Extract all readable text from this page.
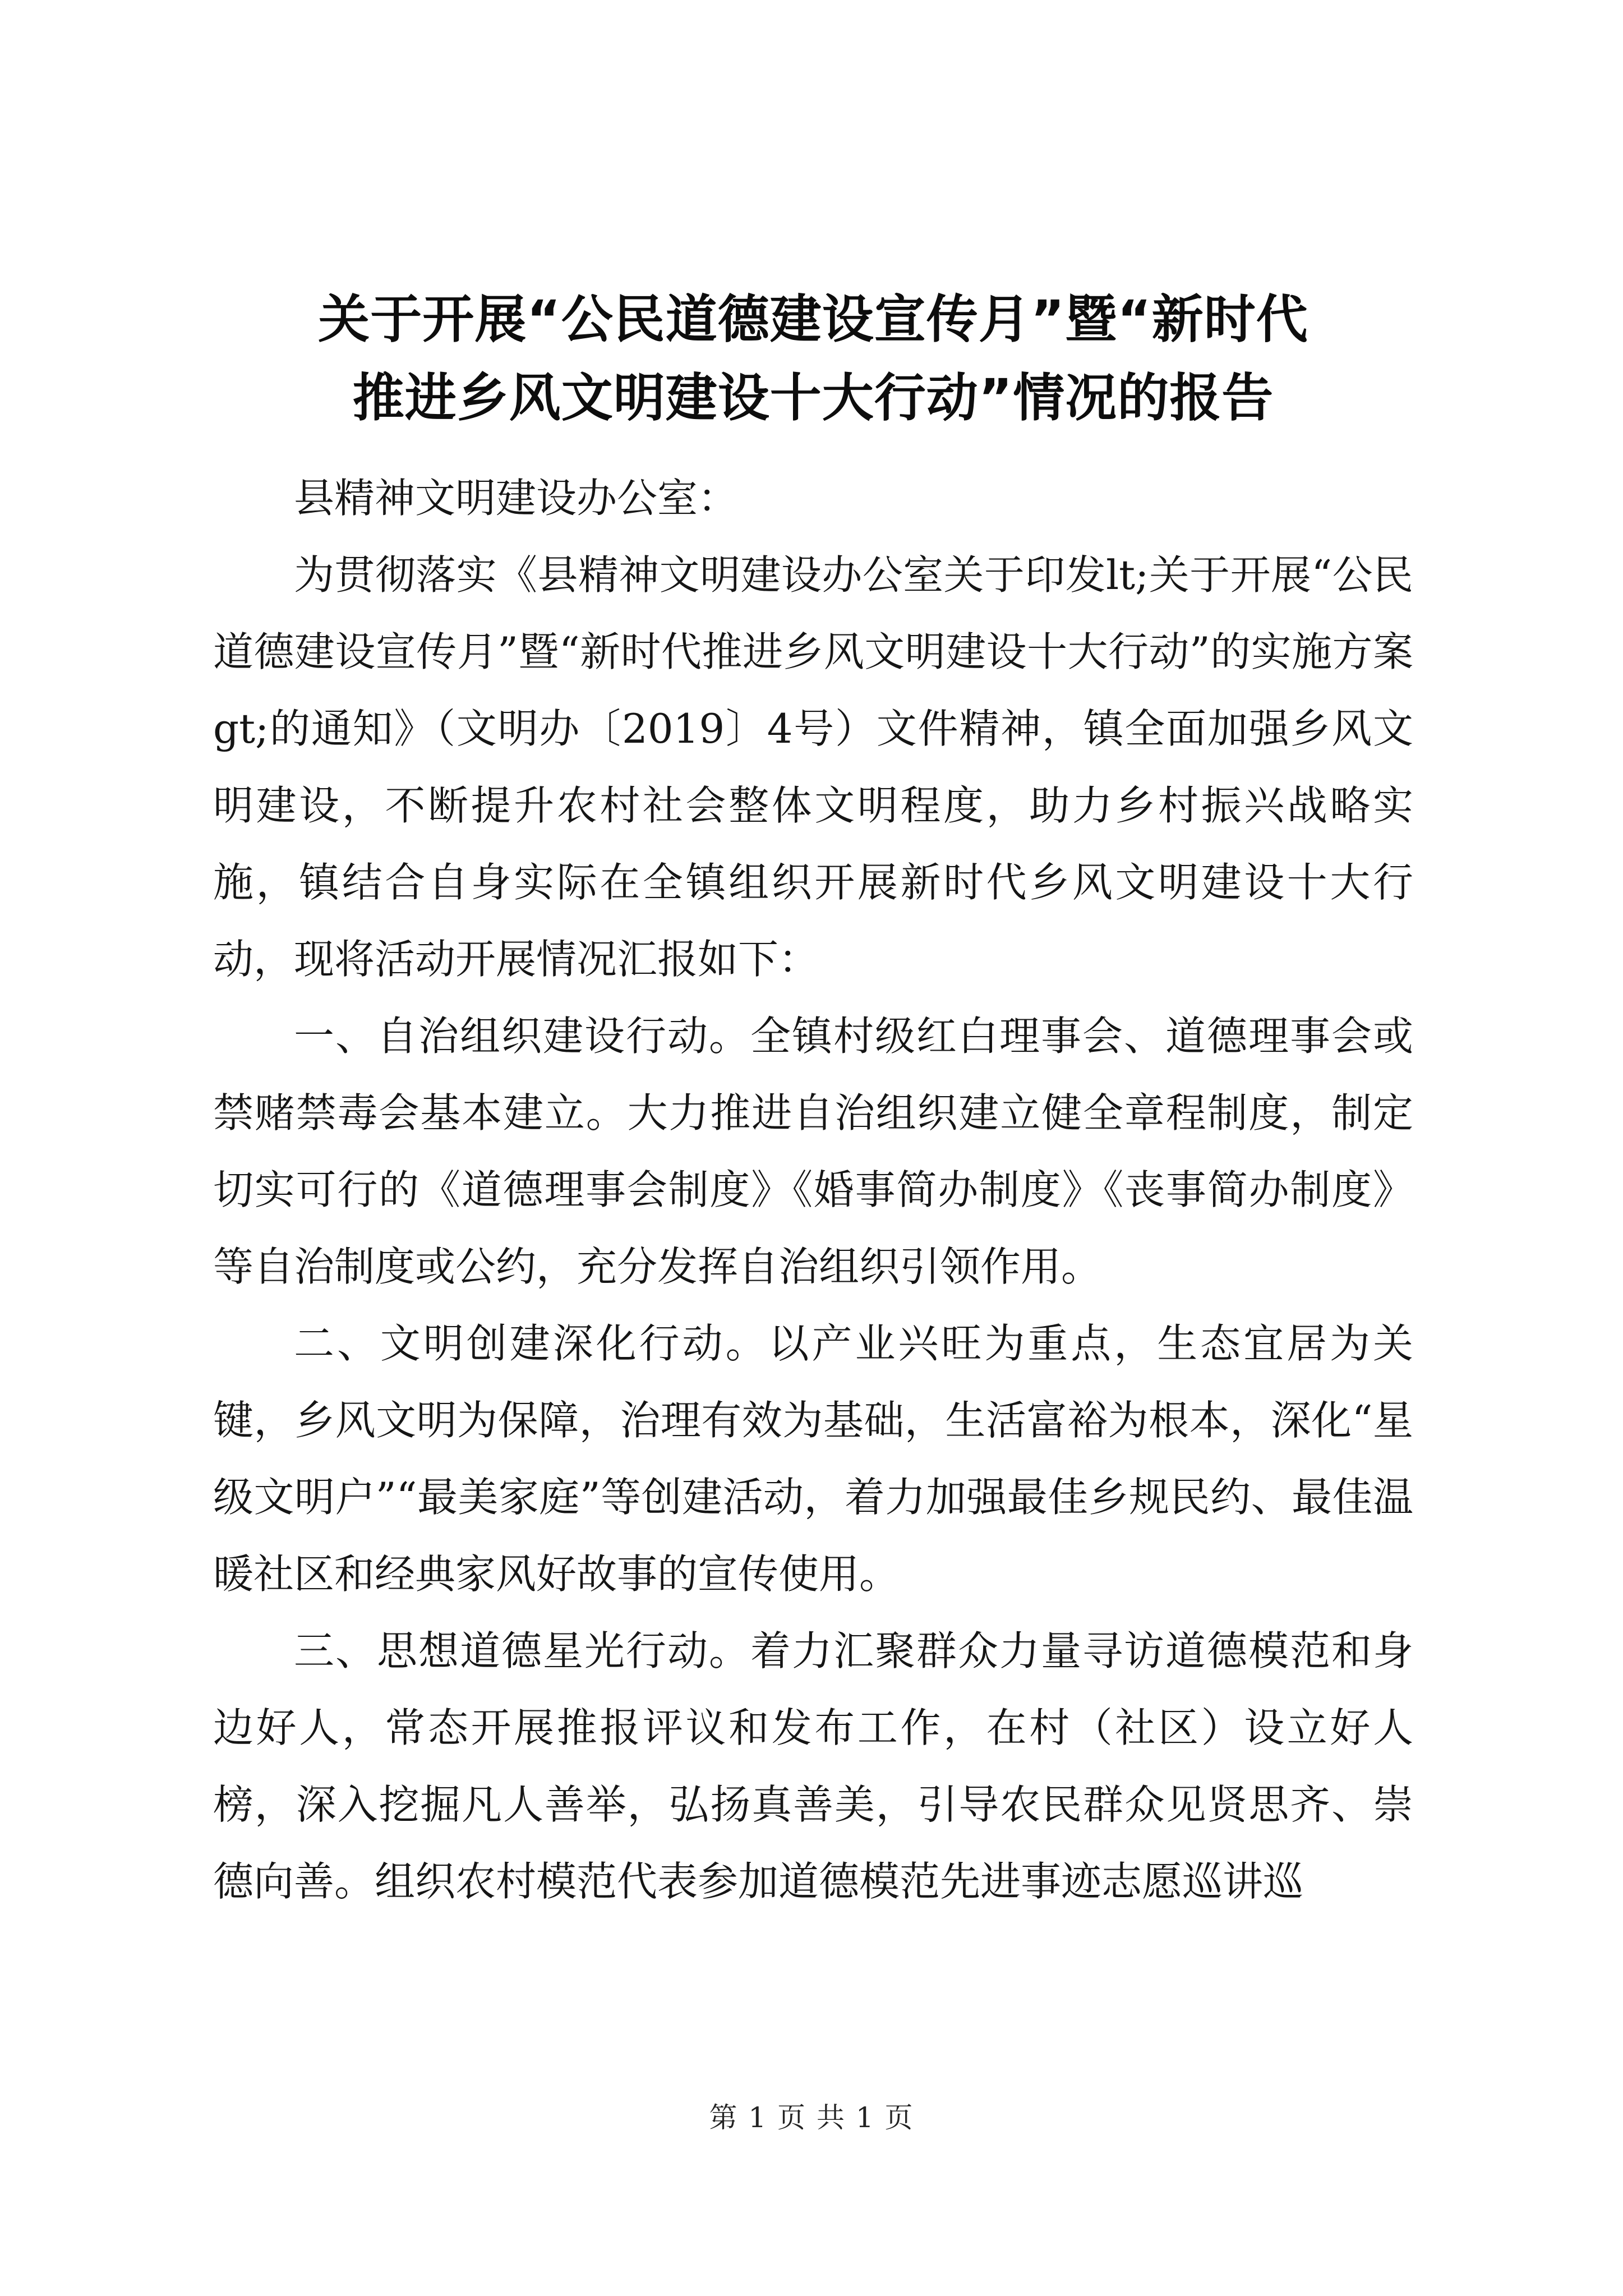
关于开展“公民道德建设宣传月”暨“新时代
推进乡风文明建设十大行动”情况的报告

县精神文明建设办公室：

为贯彻落实《县精神文明建设办公室关于印发lt;关于开展“公民道德建设宣传月”暨“新时代推进乡风文明建设十大行动”的实施方案gt;的通知》（文明办〔2019〕4号）文件精神，镇全面加强乡风文明建设，不断提升农村社会整体文明程度，助力乡村振兴战略实施，镇结合自身实际在全镇组织开展新时代乡风文明建设十大行动，现将活动开展情况汇报如下：

一、自治组织建设行动。全镇村级红白理事会、道德理事会或禁赌禁毒会基本建立。大力推进自治组织建立健全章程制度，制定切实可行的《道德理事会制度》《婚事简办制度》《丧事简办制度》等自治制度或公约，充分发挥自治组织引领作用。

二、文明创建深化行动。以产业兴旺为重点，生态宜居为关键，乡风文明为保障，治理有效为基础，生活富裕为根本，深化“星级文明户”“最美家庭”等创建活动，着力加强最佳乡规民约、最佳温暖社区和经典家风好故事的宣传使用。

三、思想道德星光行动。着力汇聚群众力量寻访道德模范和身边好人，常态开展推报评议和发布工作，在村（社区）设立好人榜，深入挖掘凡人善举，弘扬真善美，引导农民群众见贤思齐、崇德向善。组织农村模范代表参加道德模范先进事迹志愿巡讲巡

第 1 页 共 1 页
